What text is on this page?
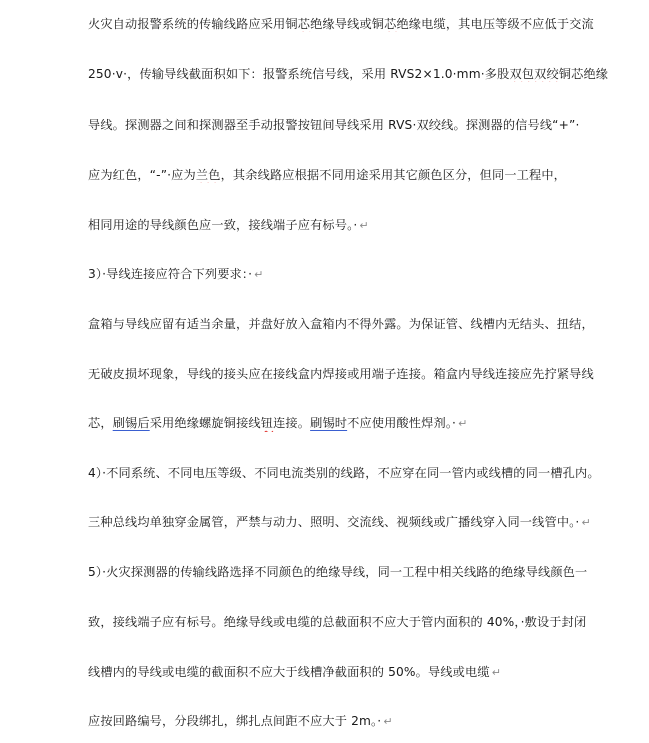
火灾自动报警系统的传输线路应采用铜芯绝缘导线或铜芯绝缘电缆，其电压等级不应低于交流
250·v·，传输导线截面积如下：报警系统信号线，采用 RVS2×1.0·mm·多股双包双绞铜芯绝缘
导线。探测器之间和探测器至手动报警按钮间导线采用 RVS·双绞线。探测器的信号线“+”·
应为红色，“-”·应为兰色，其余线路应根据不同用途采用其它颜色区分，但同一工程中，
相同用途的导线颜色应一致，接线端子应有标号。· ↵
3）·导线连接应符合下列要求：· ↵
盒箱与导线应留有适当余量，并盘好放入盒箱内不得外露。为保证管、线槽内无结头、扭结，
无破皮损坏现象，导线的接头应在接线盒内焊接或用端子连接。箱盒内导线连接应先拧紧导线
芯，刷锡后采用绝缘螺旋铜接线钮连接。刷锡时不应使用酸性焊剂。· ↵
4）·不同系统、不同电压等级、不同电流类别的线路，不应穿在同一管内或线槽的同一槽孔内。
三种总线均单独穿金属管，严禁与动力、照明、交流线、视频线或广播线穿入同一线管中。· ↵
5）·火灾探测器的传输线路选择不同颜色的绝缘导线，同一工程中相关线路的绝缘导线颜色一
致，接线端子应有标号。绝缘导线或电缆的总截面积不应大于管内面积的 40%，·敷设于封闭
线槽内的导线或电缆的截面积不应大于线槽净截面积的 50%。导线或电缆 ↵
应按回路编号，分段绑扎，绑扎点间距不应大于 2m。· ↵
